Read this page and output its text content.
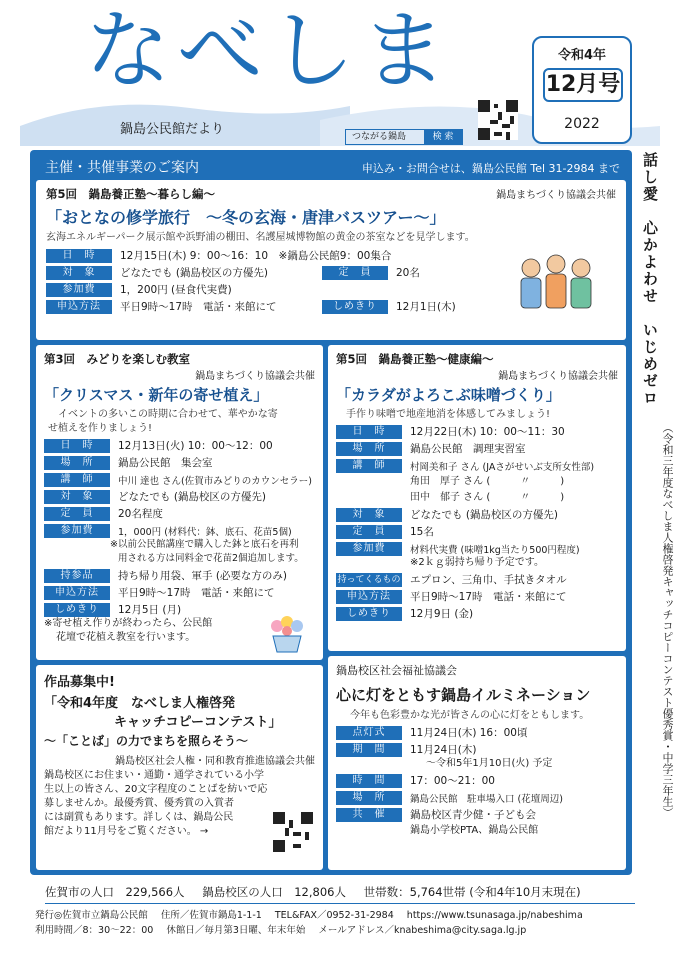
なべしま
鍋島公民館だより	つながる鍋島	検 索
令和4年
12月号
2022
話し愛　心かよわせ　いじめゼロ
（令和三年度なべしま人権啓発キャッチコピーコンテスト優秀賞・中学三年生）
主催・共催事業のご案内	申込み・お問合せは、鍋島公民館 Tel 31-2984 まで
第5回　鍋島養正塾～暮らし編～	鍋島まちづくり協議会共催
「おとなの修学旅行　～冬の玄海・唐津バスツアー～」
玄海エネルギーパーク展示館や浜野浦の棚田、名護屋城博物館の黄金の茶室などを見学します。
日　時	12月15日(木) 9：00～16：10　※鍋島公民館9：00集合
対　象	どなたでも (鍋島校区の方優先)	定　員	20名
参加費	1，200円 (昼食代実費)
申込方法	平日9時～17時　電話・来館にて	しめきり	12月1日(木)
第3回　みどりを楽しむ教室
鍋島まちづくり協議会共催
「クリスマス・新年の寄せ植え」
イベントの多いこの時期に合わせて、華やかな寄
せ植えを作りましょう!
日　時	12月13日(火) 10：00～12：00
場　所	鍋島公民館　集会室
講　師	中川 達也 さん(佐賀市みどりのカウンセラー)
対　象	どなたでも (鍋島校区の方優先)
定　員	20名程度
参加費	1，000円 (材料代：鉢、底石、花苗5個)
※以前公民館講座で購入した鉢と底石を再利
用される方は同料金で花苗2個追加します。
持参品	持ち帰り用袋、軍手 (必要な方のみ)
申込方法	平日9時～17時　電話・来館にて
しめきり	12月5日 (月)
※寄せ植え作りが終わったら、公民館
花壇で花植え教室を行います。
第5回　鍋島養正塾～健康編～
鍋島まちづくり協議会共催
「カラダがよろこぶ味噌づくり」
手作り味噌で地産地消を体感してみましょう!
日　時	12月22日(木) 10：00～11：30
場　所	鍋島公民館　調理実習室
講　師	村岡美和子 さん (JAさがせいぶ支所女性部)
角田　厚子 さん (　　　〃　　　)
田中　郁子 さん (　　　〃　　　)
対　象	どなたでも (鍋島校区の方優先)
定　員	15名
参加費	材料代実費 (味噌1kg当たり500円程度)
※2ｋｇ弱持ち帰り予定です。
持ってくるもの エプロン、三角巾、手拭きタオル
申込方法	平日9時～17時　電話・来館にて
しめきり	12月9日 (金)
作品募集中!
「令和4年度　なべしま人権啓発
キャッチコピーコンテスト」
～「ことば」の力でまちを照らそう～
鍋島校区社会人権・同和教育推進協議会共催
鍋島校区にお住まい・通勤・通学されている小学
生以上の皆さん、20文字程度のことばを紡いで応
募しませんか。最優秀賞、優秀賞の入賞者
には副賞もあります。詳しくは、鍋島公民
館だより11月号をご覧ください。 →
鍋島校区社会福祉協議会
心に灯をともす鍋島イルミネーション
今年も色彩豊かな光が皆さんの心に灯をともします。
点灯式	11月24日(木) 16：00頃
期　間	11月24日(木)
～令和5年1月10日(火) 予定
時　間	17：00～21：00
場　所	鍋島公民館　駐車場入口 (花壇周辺)
共　催	鍋島校区青少健・子ども会
鍋島小学校PTA、鍋島公民館
佐賀市の人口　229,566人 鍋島校区の人口　12,806人 世帯数：5,764世帯 (令和4年10月末現在)
発行◎佐賀市立鍋島公民館 住所／佐賀市鍋島1-1-1 TEL&FAX／0952-31-2984 https://www.tsunasaga.jp/nabeshima
利用時間／8：30～22：00 休館日／毎月第3日曜、年末年始 メールアドレス／knabeshima@city.saga.lg.jp
